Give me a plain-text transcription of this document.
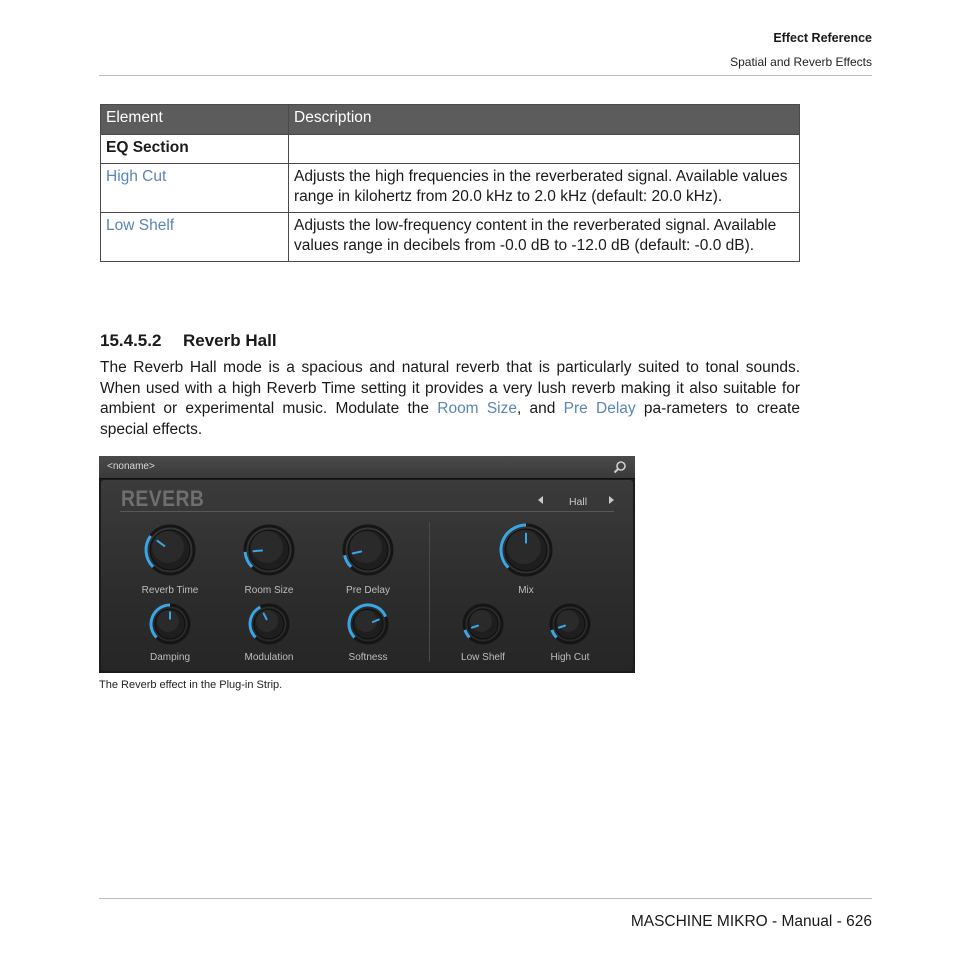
Effect Reference
Spatial and Reverb Effects
Element	Description
EQ Section	
High Cut	Adjusts the high frequencies in the reverberated signal. Available values range in kilohertz from 20.0 kHz to 2.0 kHz (default: 20.0 kHz).
Low Shelf	Adjusts the low-frequency content in the reverberated signal. Available values range in decibels from -0.0 dB to -12.0 dB (default: -0.0 dB).
15.4.5.2 Reverb Hall
The Reverb Hall mode is a spacious and natural reverb that is particularly suited to tonal sounds. When used with a high Reverb Time setting it provides a very lush reverb making it also suitable for ambient or experimental music. Modulate the Room Size, and Pre Delay pa-rameters to create special effects.
<noname>
REVERB	Hall
Reverb Time	Room Size	Pre Delay	Mix
Damping	Modulation	Softness	Low Shelf	High Cut
The Reverb effect in the Plug-in Strip.
MASCHINE MIKRO - Manual - 626
